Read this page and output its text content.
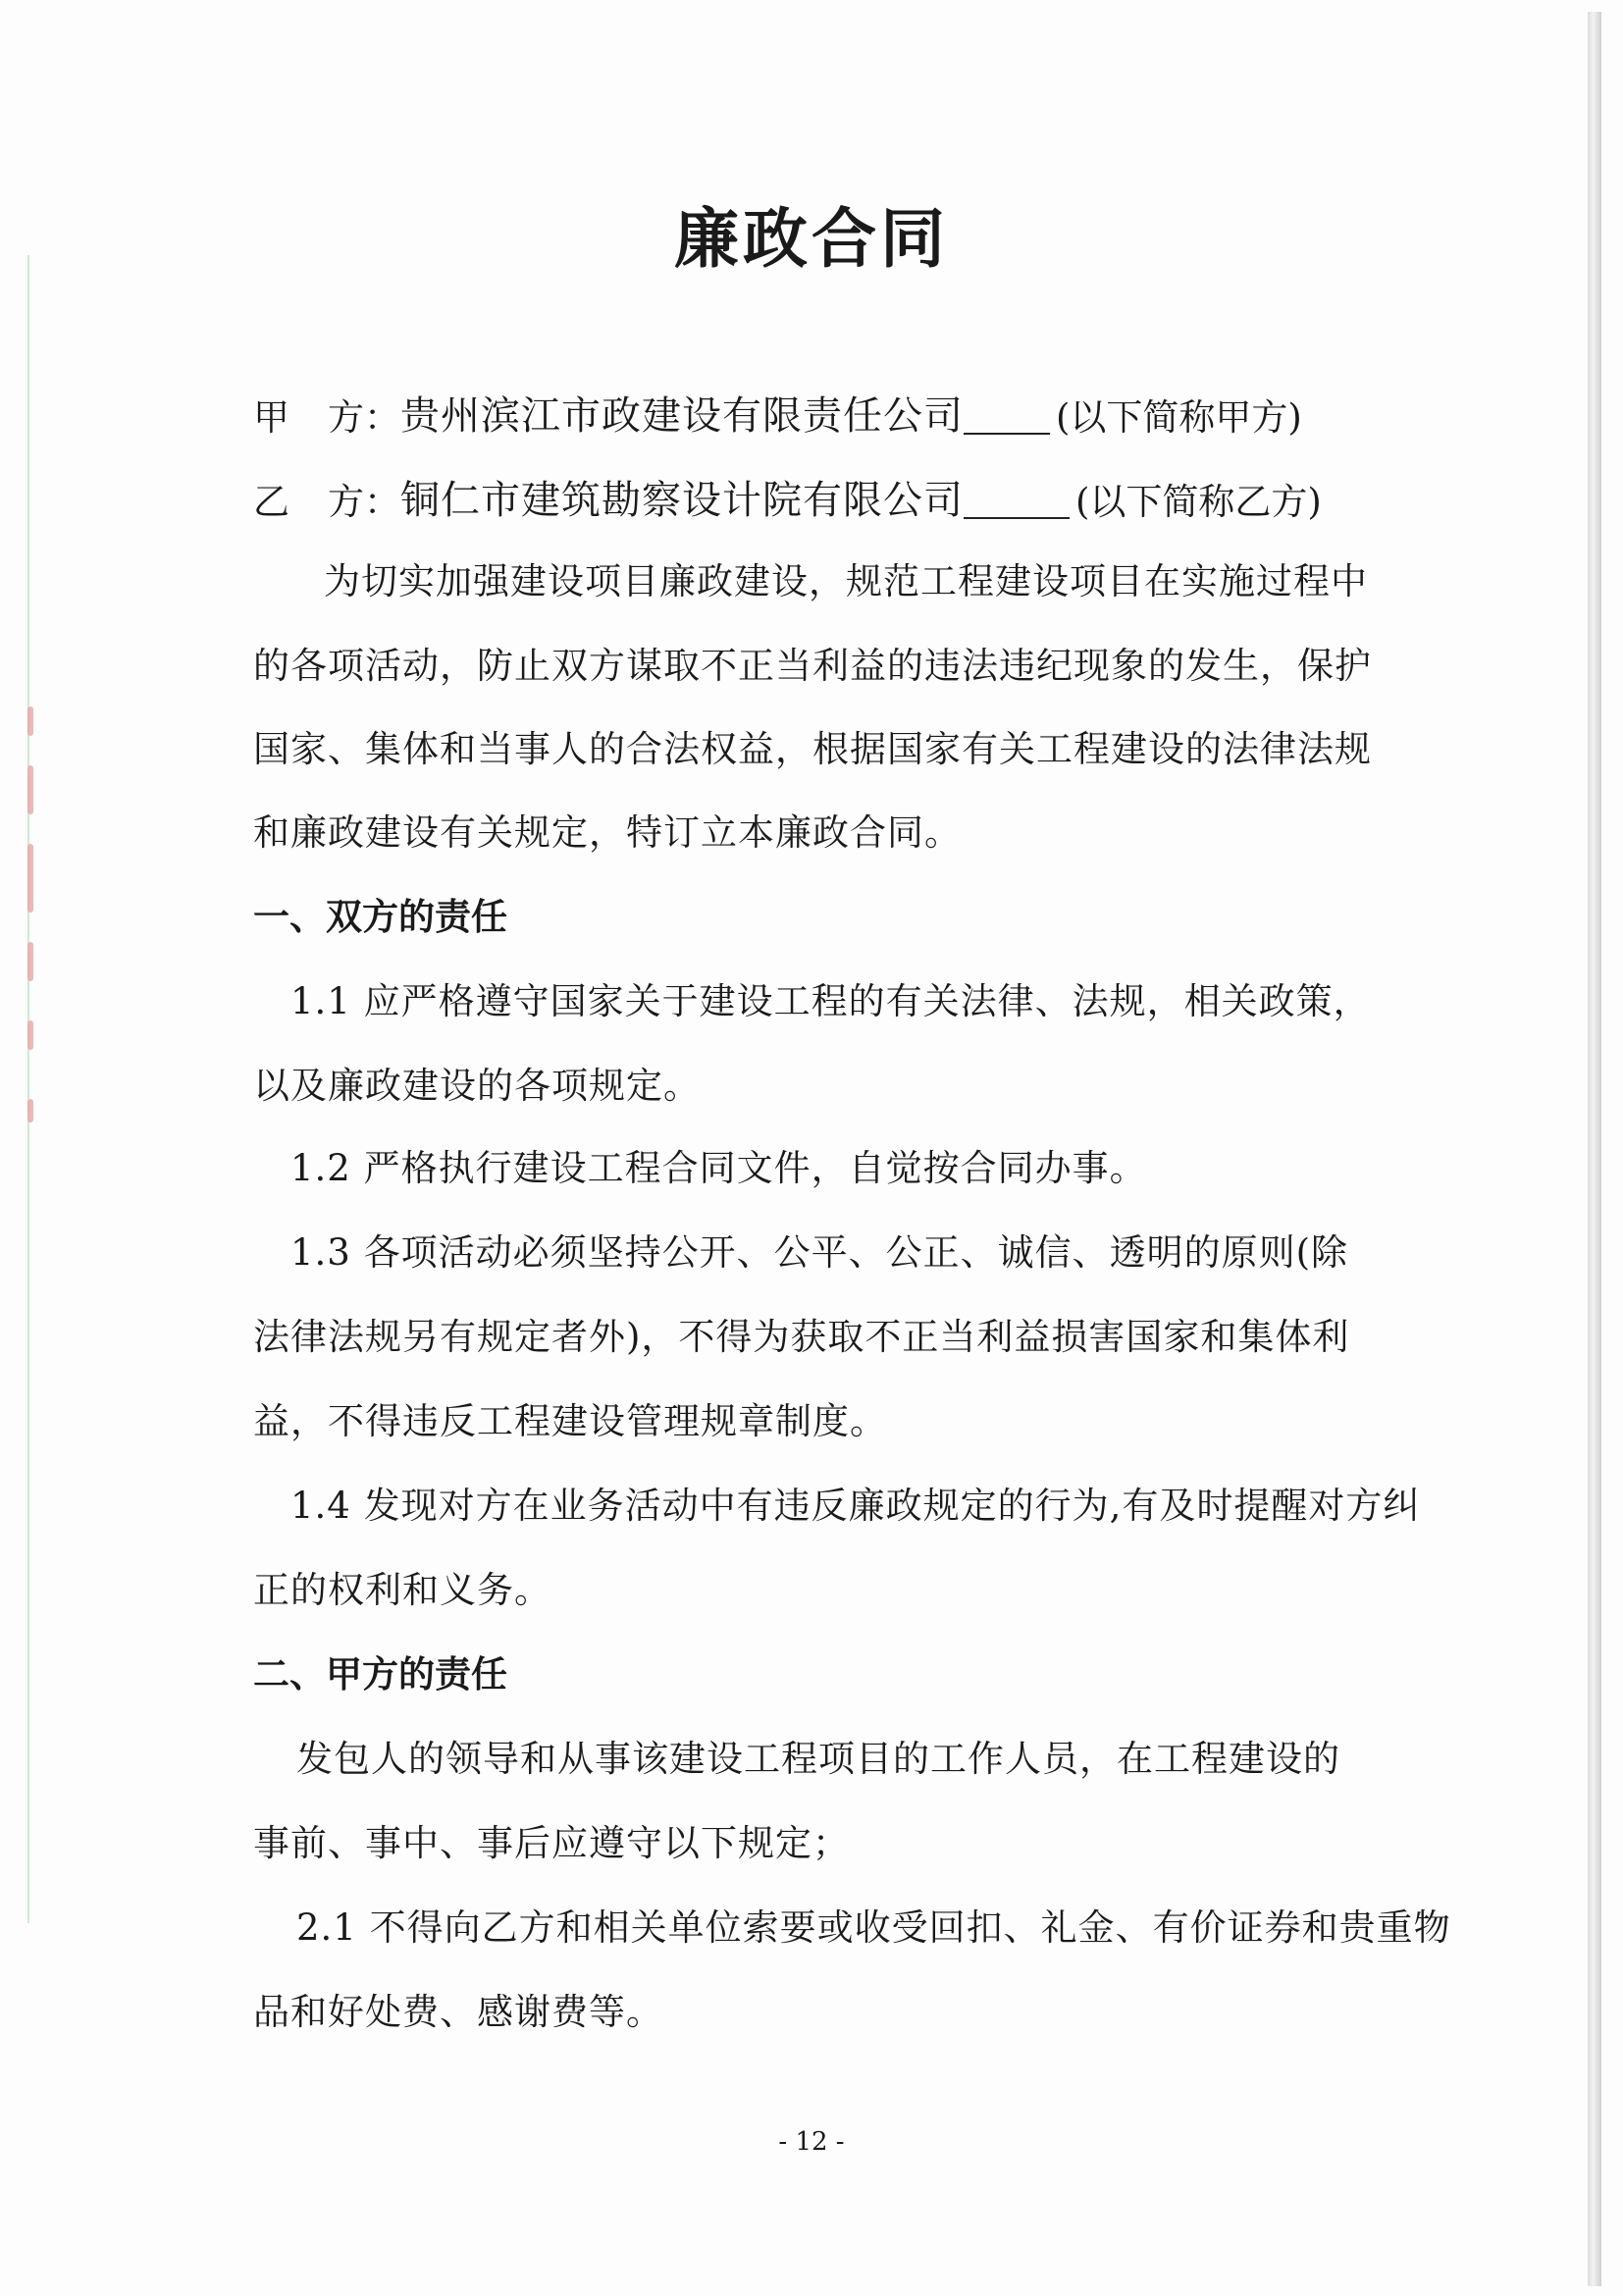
廉政合同
甲 方： 贵州滨江市政建设有限责任公司	(以下简称甲方)
乙 方： 铜仁市建筑勘察设计院有限公司	(以下简称乙方)
为切实加强建设项目廉政建设，规范工程建设项目在实施过程中
的各项活动，防止双方谋取不正当利益的违法违纪现象的发生，保护
国家、集体和当事人的合法权益，根据国家有关工程建设的法律法规
和廉政建设有关规定，特订立本廉政合同。
一、双方的责任
1.1 应严格遵守国家关于建设工程的有关法律、法规，相关政策，
以及廉政建设的各项规定。
1.2 严格执行建设工程合同文件，自觉按合同办事。
1.3 各项活动必须坚持公开、公平、公正、诚信、透明的原则(除
法律法规另有规定者外)，不得为获取不正当利益损害国家和集体利
益，不得违反工程建设管理规章制度。
1.4 发现对方在业务活动中有违反廉政规定的行为,有及时提醒对方纠
正的权利和义务。
二、甲方的责任
发包人的领导和从事该建设工程项目的工作人员，在工程建设的
事前、事中、事后应遵守以下规定；
2.1 不得向乙方和相关单位索要或收受回扣、礼金、有价证券和贵重物
品和好处费、感谢费等。
- 12 -
